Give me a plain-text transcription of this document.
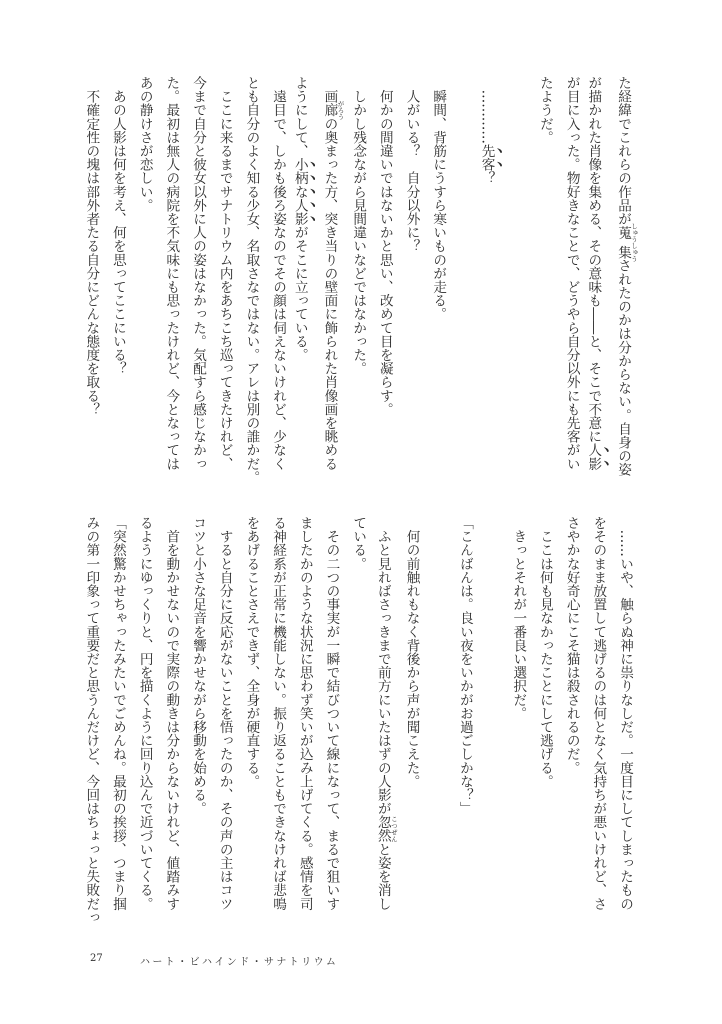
た経緯でこれらの作品が蒐集 しゅうしゅうされたのかは分からない。自身の姿
が描かれた肖像を集める、その意味も――と、そこで不意に人影
が目に入った。物好きなことで、どうやら自分以外にも先客がい
たようだ。
　…………先客？
　瞬間、背筋にうすら寒いものが走る。
　人がいる？　自分以外に？
　何かの間違いではないかと思い、改めて目を凝らす。
　しかし残念ながら見間違いなどではなかった。
　画廊 がろうの奥まった方、突き当りの壁面に飾られた肖像画を眺める
ようにして、小柄な人影がそこに立っている。
　遠目で、しかも後ろ姿なのでその顔は伺えないけれど、少なく
とも自分のよく知る少女、名取さなではない。アレは別の誰かだ。
　ここに来るまでサナトリウム内をあちこち巡ってきたけれど、
今まで自分と彼女以外に人の姿はなかった。気配すら感じなかっ
た。最初は無人の病院を不気味にも思ったけれど、今となっては
あの静けさが恋しい。
　あの人影は何を考え、何を思ってここにいる？
　不確定性の塊は部外者たる自分にどんな態度を取る？
　……いや、触らぬ神に祟りなしだ。一度目にしてしまったもの
をそのまま放置して逃げるのは何となく気持ちが悪いけれど、さ
さやかな好奇心にこそ猫は殺されるのだ。
　ここは何も見なかったことにして逃げる。
　きっとそれが一番良い選択だ。
「こんばんは。良い夜をいかがお過ごしかな？」
　何の前触れもなく背後から声が聞こえた。
　ふと見ればさっきまで前方にいたはずの人影が忽然 こつぜんと姿を消し
ている。
　その二つの事実が一瞬で結びついて線になって、まるで狙いす
ましたかのような状況に思わず笑いが込み上げてくる。感情を司
る神経系が正常に機能しない。振り返ることもできなければ悲鳴
をあげることさえできず、全身が硬直する。
　すると自分に反応がないことを悟ったのか、その声の主はコツ
コツと小さな足音を響かせながら移動を始める。
　首を動かせないので実際の動きは分からないけれど、値踏みす
るようにゆっくりと、円を描くように回り込んで近づいてくる。
「突然驚かせちゃったみたいでごめんね。最初の挨拶、つまり掴
みの第一印象って重要だと思うんだけど、今回はちょっと失敗だっ
27	ハート・ビハインド・サナトリウム
